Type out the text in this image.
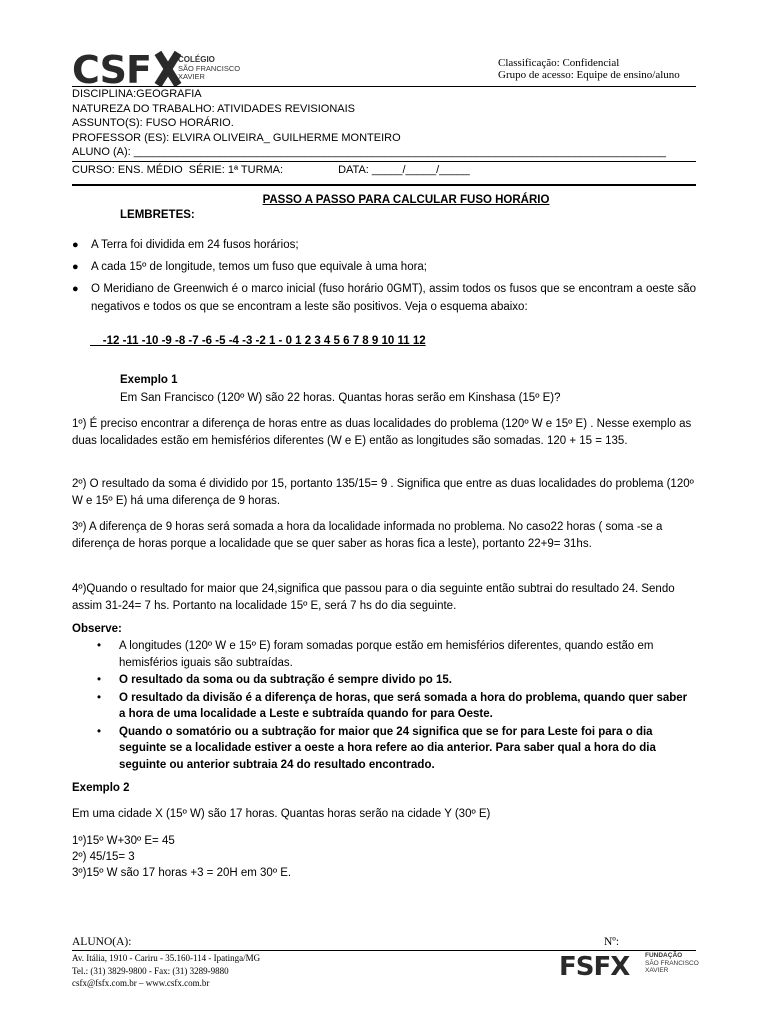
CSF	COLÉGIO
SÃO FRANCISCO
XAVIER
Classificação: Confidencial
Grupo de acesso: Equipe de ensino/aluno
DISCIPLINA:GEOGRAFIA
NATUREZA DO TRABALHO: ATIVIDADES REVISIONAIS
ASSUNTO(S): FUSO HORÁRIO.
PROFESSOR (ES): ELVIRA OLIVEIRA_ GUILHERME MONTEIRO
ALUNO (A): _______________________________________________________________________________________
CURSO: ENS. MÉDIO  SÉRIE: 1ª TURMA:                  DATA: _____/_____/_____
PASSO A PASSO PARA CALCULAR FUSO HORÁRIO
LEMBRETES:
● A Terra foi dividida em 24 fusos horários;
● A cada 15º de longitude, temos um fuso que equivale à uma hora;
● O Meridiano de Greenwich é o marco inicial (fuso horário 0GMT), assim todos os fusos que se encontram a oeste são negativos e todos os que se encontram a leste são positivos. Veja o esquema abaixo:
-12 -11 -10 -9 -8 -7 -6 -5 -4 -3 -2 1 - 0 1 2 3 4 5 6 7 8 9 10 11 12
Exemplo 1
Em San Francisco (120º W) são 22 horas. Quantas horas serão em Kinshasa (15º E)?
1º) É preciso encontrar a diferença de horas entre as duas localidades do problema (120º W e 15º E) . Nesse exemplo as duas localidades estão em hemisférios diferentes (W e E) então as longitudes são somadas. 120 + 15 = 135.
2º) O resultado da soma é dividido por 15, portanto 135/15= 9 . Significa que entre as duas localidades do problema (120º W e 15º E) há uma diferença de 9 horas.
3º) A diferença de 9 horas será somada a hora da localidade informada no problema. No caso22 horas ( soma -se a diferença de horas porque a localidade que se quer saber as horas fica a leste), portanto 22+9= 31hs.
4º)Quando o resultado for maior que 24,significa que passou para o dia seguinte então subtrai do resultado 24. Sendo assim 31-24= 7 hs. Portanto na localidade 15º E, será 7 hs do dia seguinte.
Observe:
• A longitudes (120º W e 15º E) foram somadas porque estão em hemisférios diferentes, quando estão em hemisférios iguais são subtraídas.
• O resultado da soma ou da subtração é sempre divido po 15.
• O resultado da divisão é a diferença de horas, que será somada a hora do problema, quando quer saber a hora de uma localidade a Leste e subtraída quando for para Oeste.
• Quando o somatório ou a subtração for maior que 24 significa que se for para Leste foi para o dia seguinte se a localidade estiver a oeste a hora refere ao dia anterior. Para saber qual a hora do dia seguinte ou anterior subtraia 24 do resultado encontrado.
Exemplo 2
Em uma cidade X (15º W) são 17 horas. Quantas horas serão na cidade Y (30º E)
1º)15º W+30º E= 45
2º) 45/15= 3
3º)15º W são 17 horas +3 = 20H em 30º E.
ALUNO(A):	Nº:
Av. Itália, 1910 - Cariru - 35.160-114 - Ipatinga/MG
Tel.: (31) 3829-9800 - Fax: (31) 3289-9880
csfx@fsfx.com.br – www.csfx.com.br
FSFX FUNDAÇÃO
SÃO FRANCISCO
XAVIER
